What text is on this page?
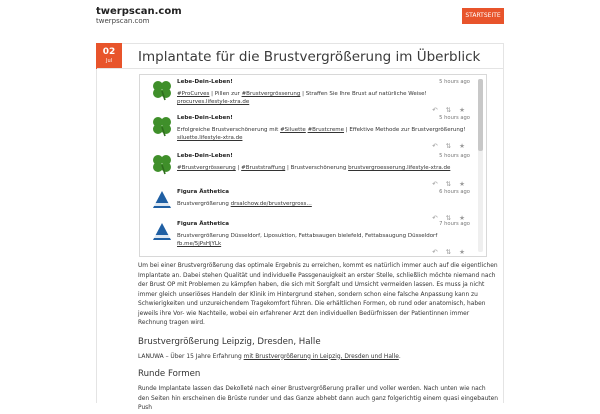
twerpscan.com
twerpscan.com
STARTSEITE
02
Jul	Implantate für die Brustvergrößerung im Überblick
Lebe-Dein-Leben!	5 hours ago
#ProCurves | Pillen zur #Brustvergrösserung | Straffen Sie Ihre Brust auf natürliche Weise! procurves.lifestyle-xtra.de
↶ ⇅ ★
Lebe-Dein-Leben!	5 hours ago
Erfolgreiche Brustverschönerung mit #Siluette #Brustcreme | Effektive Methode zur Brustvergrößerung! siluette.lifestyle-xtra.de
↶ ⇅ ★
Lebe-Dein-Leben!	5 hours ago
#Brustvergrösserung | #Bruststraffung | Brustverschönerung brustvergroesserung.lifestyle-xtra.de
↶ ⇅ ★
Figura Ästhetica	6 hours ago
Brustvergrößerung drsalchow.de/brustvergross…
↶ ⇅ ★
Figura Ästhetica	7 hours ago
Brustvergrößerung Düsseldorf, Liposuktion, Fettabsaugen bielefeld, Fettabsaugung Düsseldorf fb.me/5jPsHjYLk
↶ ⇅ ★

Um bei einer Brustvergrößerung das optimale Ergebnis zu erreichen, kommt es natürlich immer auch auf die eigentlichen Implantate an. Dabei stehen Qualität und individuelle Passgenauigkeit an erster Stelle, schließlich möchte niemand nach der Brust OP mit Problemen zu kämpfen haben, die sich mit Sorgfalt und Umsicht vermeiden lassen. Es muss ja nicht immer gleich unseriöses Handeln der Klinik im Hintergrund stehen, sondern schon eine falsche Anpassung kann zu Schwierigkeiten und unzureichendem Tragekomfort führen. Die erhältlichen Formen, ob rund oder anatomisch, haben jeweils ihre Vor- wie Nachteile, wobei ein erfahrener Arzt den individuellen Bedürfnissen der Patientinnen immer Rechnung tragen wird.

Brustvergrößerung Leipzig, Dresden, Halle

LANUWA – Über 15 Jahre Erfahrung mit Brustvergrößerung in Leipzig, Dresden und Halle.

Runde Formen

Runde Implantate lassen das Dekolleté nach einer Brustvergrößerung praller und voller werden. Nach unten wie nach den Seiten hin erscheinen die Brüste runder und das Ganze abhebt dann auch ganz folgerichtig einem quasi eingebauten Push
